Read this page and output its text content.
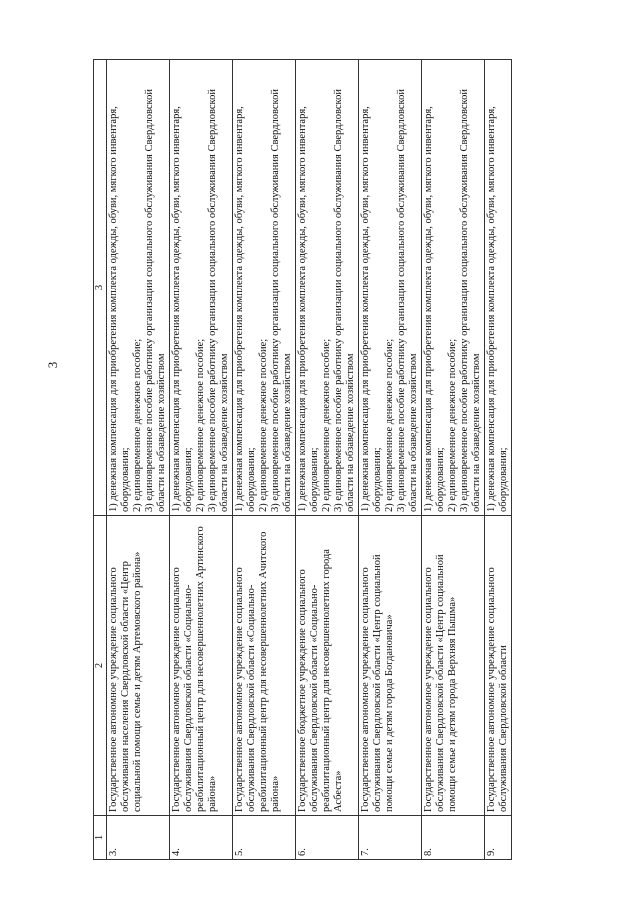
3
1	2	3
3.	Государственное автономное учреждение социального обслуживания населения Свердловской области «Центр социальной помощи семье и детям Артемовского района»	1) денежная компенсация для приобретения комплекта одежды, обуви, мягкого инвентаря, оборудования; 2) единовременное денежное пособие; 3) единовременное пособие работнику организации социального обслуживания Свердловской области на обзаведение хозяйством

4.	Государственное автономное учреждение социального обслуживания Свердловской области «Социально-реабилитационный центр для несовершеннолетних Артинского района»	1) денежная компенсация для приобретения комплекта одежды, обуви, мягкого инвентаря, оборудования; 2) единовременное денежное пособие; 3) единовременное пособие работнику организации социального обслуживания Свердловской области на обзаведение хозяйством

5.	Государственное автономное учреждение социального обслуживания Свердловской области «Социально-реабилитационный центр для несовершеннолетних Ачитского района»	1) денежная компенсация для приобретения комплекта одежды, обуви, мягкого инвентаря, оборудования; 2) единовременное денежное пособие; 3) единовременное пособие работнику организации социального обслуживания Свердловской области на обзаведение хозяйством

6.	Государственное бюджетное учреждение социального обслуживания Свердловской области «Социально-реабилитационный центр для несовершеннолетних города Асбеста»	1) денежная компенсация для приобретения комплекта одежды, обуви, мягкого инвентаря, оборудования; 2) единовременное денежное пособие; 3) единовременное пособие работнику организации социального обслуживания Свердловской области на обзаведение хозяйством

7.	Государственное автономное учреждение социального обслуживания Свердловской области «Центр социальной помощи семье и детям города Богдановича»	1) денежная компенсация для приобретения комплекта одежды, обуви, мягкого инвентаря, оборудования; 2) единовременное денежное пособие; 3) единовременное пособие работнику организации социального обслуживания Свердловской области на обзаведение хозяйством

8.	Государственное автономное учреждение социального обслуживания Свердловской области «Центр социальной помощи семье и детям города Верхняя Пышма»	1) денежная компенсация для приобретения комплекта одежды, обуви, мягкого инвентаря, оборудования; 2) единовременное денежное пособие; 3) единовременное пособие работнику организации социального обслуживания Свердловской области на обзаведение хозяйством

9.	Государственное автономное учреждение социального обслуживания Свердловской области	1) денежная компенсация для приобретения комплекта одежды, обуви, мягкого инвентаря, оборудования;
